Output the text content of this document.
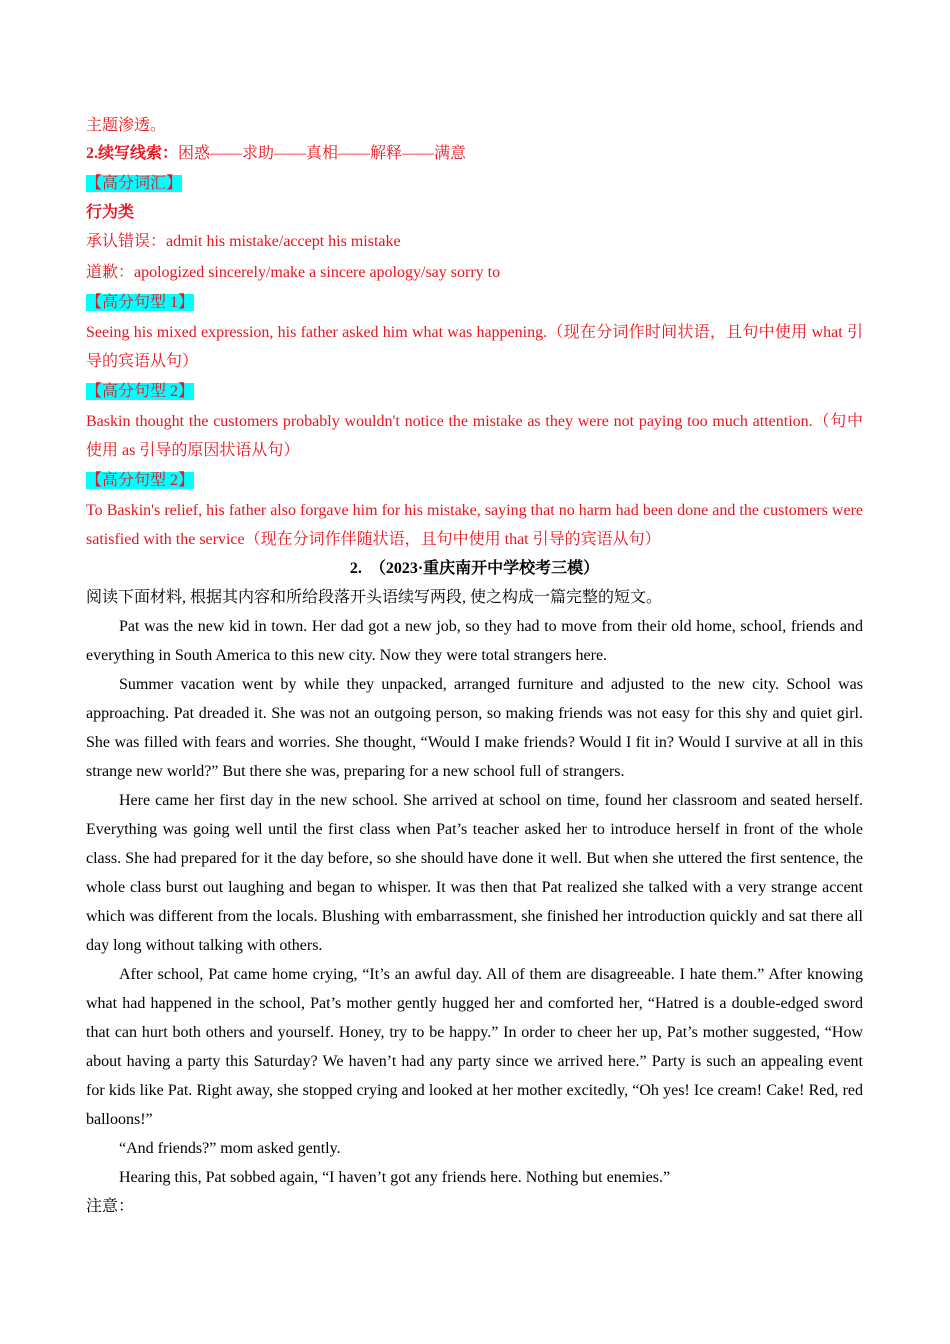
主题渗透。
2.续写线索：困惑——求助——真相——解释——满意
【高分词汇】
行为类
承认错误：admit his mistake/accept his mistake
道歉：apologized sincerely/make a sincere apology/say sorry to
【高分句型 1】
Seeing his mixed expression, his father asked him what was happening.（现在分词作时间状语，且句中使用 what 引导的宾语从句）
【高分句型 2】
Baskin thought the customers probably wouldn't notice the mistake as they were not paying too much attention.（句中使用 as 引导的原因状语从句）
【高分句型 2】
To Baskin's relief, his father also forgave him for his mistake, saying that no harm had been done and the customers were satisfied with the service（现在分词作伴随状语，且句中使用 that 引导的宾语从句）
2.　（2023·重庆南开中学校考三模）
阅读下面材料, 根据其内容和所给段落开头语续写两段, 使之构成一篇完整的短文。
Pat was the new kid in town. Her dad got a new job, so they had to move from their old home, school, friends and everything in South America to this new city. Now they were total strangers here.
Summer vacation went by while they unpacked, arranged furniture and adjusted to the new city. School was approaching. Pat dreaded it. She was not an outgoing person, so making friends was not easy for this shy and quiet girl. She was filled with fears and worries. She thought, “Would I make friends? Would I fit in? Would I survive at all in this strange new world?” But there she was, preparing for a new school full of strangers.
Here came her first day in the new school. She arrived at school on time, found her classroom and seated herself. Everything was going well until the first class when Pat’s teacher asked her to introduce herself in front of the whole class. She had prepared for it the day before, so she should have done it well. But when she uttered the first sentence, the whole class burst out laughing and began to whisper. It was then that Pat realized she talked with a very strange accent which was different from the locals. Blushing with embarrassment, she finished her introduction quickly and sat there all day long without talking with others.
After school, Pat came home crying, “It’s an awful day. All of them are disagreeable. I hate them.” After knowing what had happened in the school, Pat’s mother gently hugged her and comforted her, “Hatred is a double-edged sword that can hurt both others and yourself. Honey, try to be happy.” In order to cheer her up, Pat’s mother suggested, “How about having a party this Saturday? We haven’t had any party since we arrived here.” Party is such an appealing event for kids like Pat. Right away, she stopped crying and looked at her mother excitedly, “Oh yes! Ice cream! Cake! Red, red balloons!”
“And friends?” mom asked gently.
Hearing this, Pat sobbed again, “I haven’t got any friends here. Nothing but enemies.”
注意：
